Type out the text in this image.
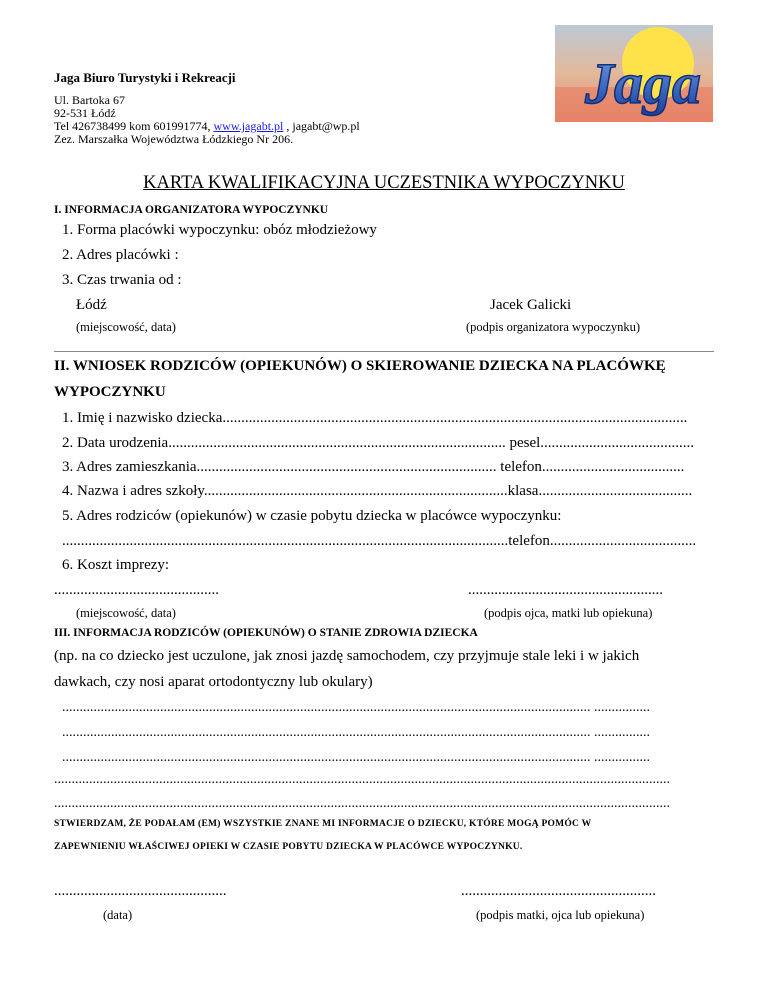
Jaga Biuro Turystyki i Rekreacji
Ul. Bartoka 67
92-531 Łódź
Tel 426738499 kom 601991774, www.jagabt.pl , jagabt@wp.pl
Zez. Marszałka Województwa Łódzkiego Nr 206.
Jaga
KARTA KWALIFIKACYJNA UCZESTNIKA WYPOCZYNKU
I. INFORMACJA ORGANIZATORA WYPOCZYNKU
1. Forma placówki wypoczynku: obóz młodzieżowy
2. Adres placówki :
3. Czas trwania od :
Łódź	Jacek Galicki
(miejscowość, data)	(podpis organizatora wypoczynku)
II. WNIOSEK RODZICÓW (OPIEKUNÓW) O SKIEROWANIE DZIECKA NA PLACÓWKĘ
WYPOCZYNKU
1. Imię i nazwisko dziecka............................................................................................................................
2. Data urodzenia.......................................................................................... pesel.........................................
3. Adres zamieszkania................................................................................ telefon......................................
4. Nazwa i adres szkoły.................................................................................klasa.........................................
5. Adres rodziców (opiekunów) w czasie pobytu dziecka w placówce wypoczynku:
.......................................................................................................................telefon.......................................
6. Koszt imprezy:
............................................	....................................................
(miejscowość, data)	(podpis ojca, matki lub opiekuna)
III. INFORMACJA RODZICÓW (OPIEKUNÓW) O STANIE ZDROWIA DZIECKA
(np. na co dziecko jest uczulone, jak znosi jazdę samochodem, czy przyjmuje stale leki i w jakich
dawkach, czy nosi aparat ortodontyczny lub okulary)
....................................................................................................................................................... ................
....................................................................................................................................................... ................
....................................................................................................................................................... ................
................................................................................................................................................................................
................................................................................................................................................................................
STWIERDZAM, ŻE PODAŁAM (EM) WSZYSTKIE ZNANE MI INFORMACJE O DZIECKU, KTÓRE MOGĄ POMÓC W
ZAPEWNIENIU WŁAŚCIWEJ OPIEKI W CZASIE POBYTU DZIECKA W PLACÓWCE WYPOCZYNKU.
..............................................	....................................................
(data)	(podpis matki, ojca lub opiekuna)
